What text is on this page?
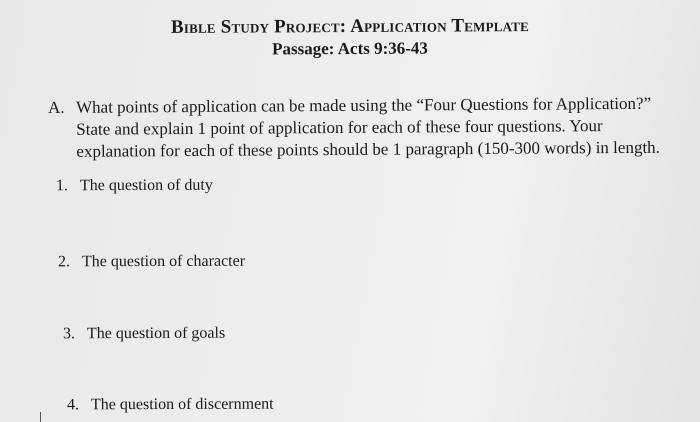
Bible Study Project: Application Template
Passage: Acts 9:36-43
A. What points of application can be made using the “Four Questions for Application?”
State and explain 1 point of application for each of these four questions. Your
explanation for each of these points should be 1 paragraph (150-300 words) in length.
1. The question of duty
2. The question of character
3. The question of goals
4. The question of discernment
